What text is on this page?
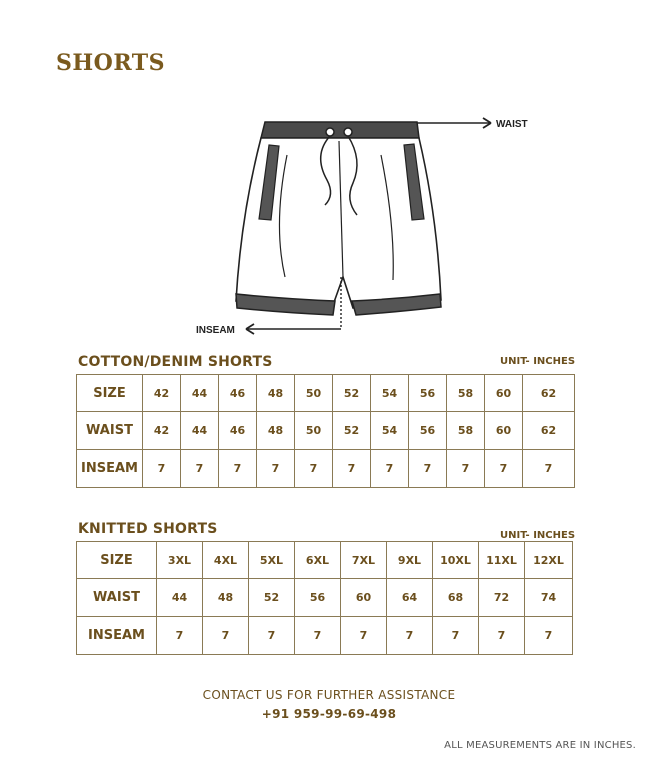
SHORTS
WAIST
INSEAM
COTTON/DENIM SHORTS	UNIT- INCHES
SIZE	42	44	46	48	50	52	54	56	58	60	62
WAIST	42	44	46	48	50	52	54	56	58	60	62
INSEAM	7	7	7	7	7	7	7	7	7	7	7
KNITTED SHORTS	UNIT- INCHES
SIZE	3XL	4XL	5XL	6XL	7XL	9XL	10XL	11XL	12XL
WAIST	44	48	52	56	60	64	68	72	74
INSEAM	7	7	7	7	7	7	7	7	7
CONTACT US FOR FURTHER ASSISTANCE
+91 959-99-69-498
ALL MEASUREMENTS ARE IN INCHES.
